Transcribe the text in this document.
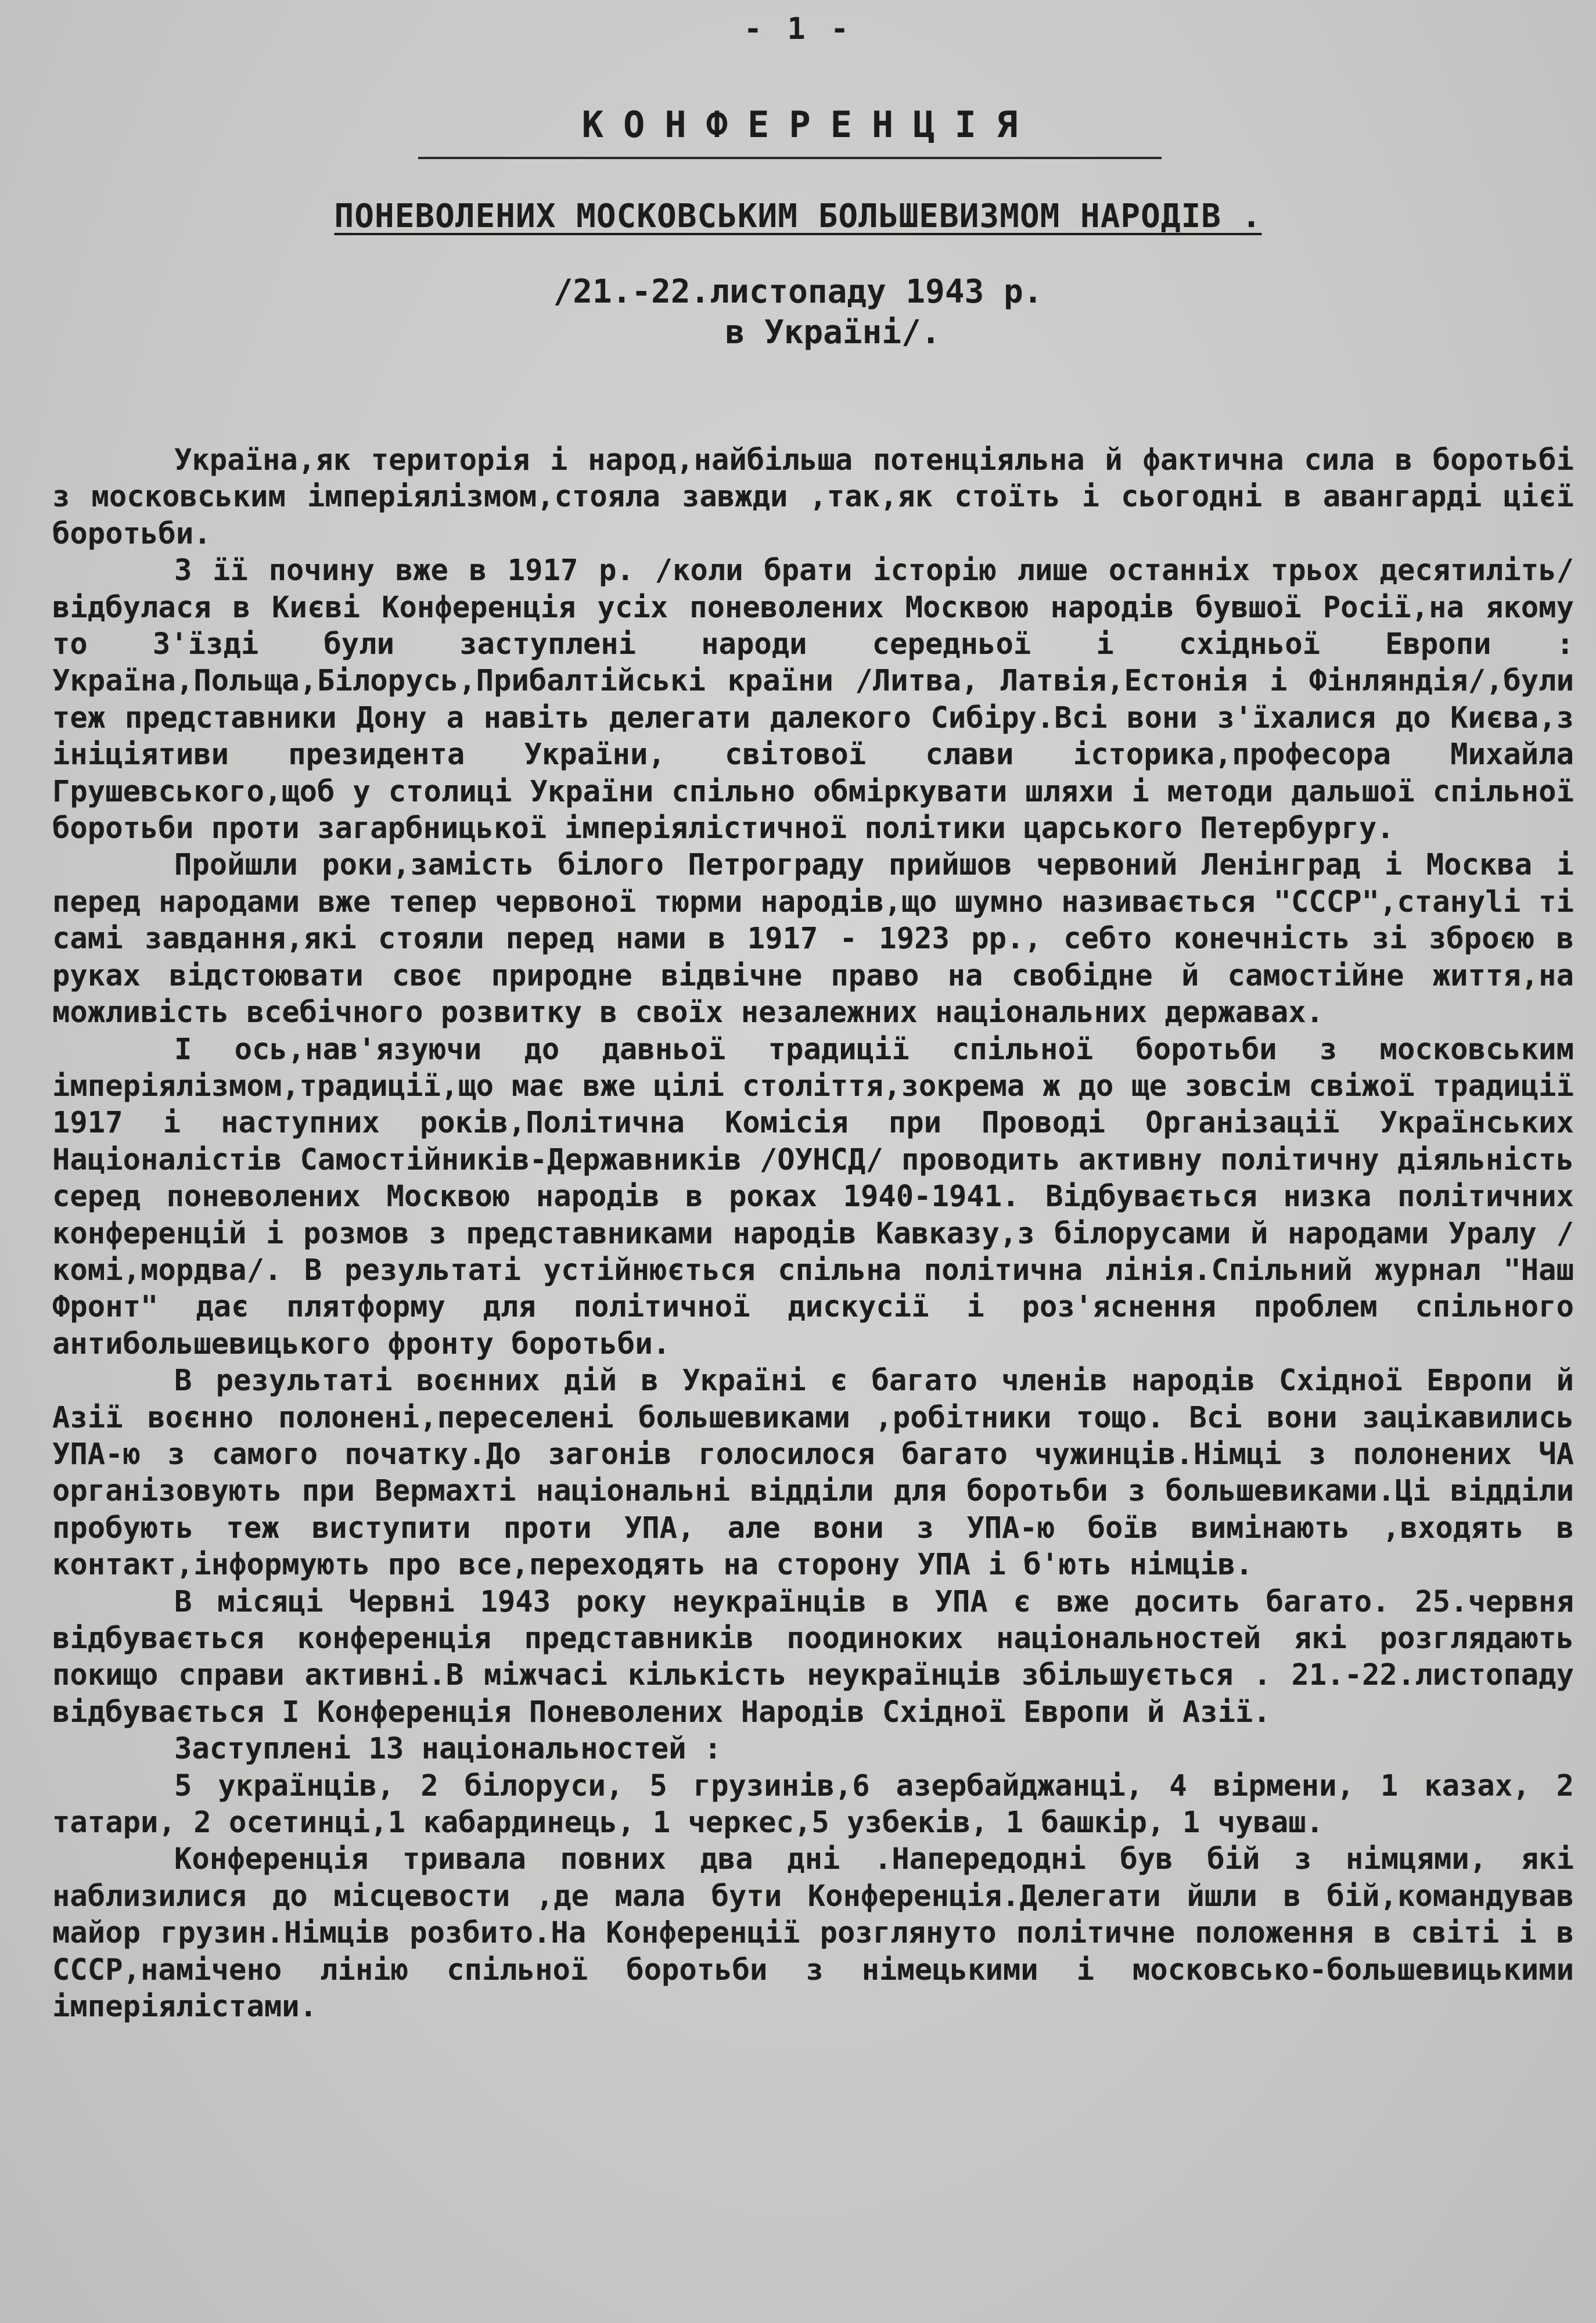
- 1 -
КОНФЕРЕНЦІЯ
ПОНЕВОЛЕНИХ МОСКОВСЬКИМ БОЛЬШЕВИЗМОМ НАРОДІВ .
/21.-22.листопаду 1943 р.
в Україні/.

Україна,як територія і народ,найбільша потенціяльна й фактична сила в боротьбі з московським імперіялізмом,стояла завжди ,так,як стоїть і сьогодні в авангарді цієї боротьби.

З її почину вже в 1917 р. /коли брати історію лише останніх трьох десятиліть/ відбулася в Києві Конференція усіх поневолених Москвою народів бувшої Росії,на якому то З'їзді були заступлені народи середньої і східньої Европи : Україна,Польща,Білорусь,Прибалтійські країни /Литва, Латвія,Естонія і Фінляндія/,були теж представники Дону а навіть делегати далекого Сибіру.Всі вони з'їхалися до Києва,з ініціятиви президента України, світової слави історика,професора Михайла Грушевського,щоб у столиці України спільно обміркувати шляхи і методи дальшої спільної боротьби проти загарбницької імперіялістичної політики царського Петербургу.

Пройшли роки,замість білого Петрограду прийшов червоний Ленінград і Москва і перед народами вже тепер червоної тюрми народів,що шумно називається "СССР",стануli ті самі завдання,які стояли перед нами в 1917 - 1923 рр., себто конечність зі зброєю в руках відстоювати своє природне відвічне право на свобідне й самостійне життя,на можливість всебічного розвитку в своїх незалежних національних державах.

І ось,нав'язуючи до давньої традиції спільної боротьби з московським імперіялізмом,традиції,що має вже цілі століття,зокрема ж до ще зовсім свіжої традиції 1917 і наступних років,Політична Комісія при Проводі Організації Українських Націоналістів Самостійників-Державників /ОУНСД/ проводить активну політичну діяльність серед поневолених Москвою народів в роках 1940-1941. Відбувається низка політичних конференцій і розмов з представниками народів Кавказу,з білорусами й народами Уралу /комі,мордва/. В результаті устійнюється спільна політична лінія.Спільний журнал "Наш Фронт" дає плятформу для політичної дискусії і роз'яснення проблем спільного антибольшевицького фронту боротьби.

В результаті воєнних дій в Україні є багато членів народів Східної Европи й Азії воєнно полонені,переселені большевиками ,робітники тощо. Всі вони зацікавились УПА-ю з самого початку.До загонів голосилося багато чужинців.Німці з полонених ЧА організовують при Вермахті національні відділи для боротьби з большевиками.Ці відділи пробують теж виступити проти УПА, але вони з УПА-ю боїв вимінають ,входять в контакт,інформують про все,переходять на сторону УПА і б'ють німців.

В місяці Червні 1943 року неукраїнців в УПА є вже досить багато. 25.червня відбувається конференція представників поодиноких національностей які розглядають покищо справи активні.В міжчасі кількість неукраїнців збільшується . 21.-22.листопаду відбувається І Конференція Поневолених Народів Східної Европи й Азії.

Заступлені 13 національностей :

5 українців, 2 білоруси, 5 грузинів,6 азербайджанці, 4 вірмени, 1 казах, 2 татари, 2 осетинці,1 кабардинець, 1 черкес,5 узбеків, 1 башкір, 1 чуваш.

Конференція тривала повних два дні .Напередодні був бій з німцями, які наблизилися до місцевости ,де мала бути Конференція.Делегати йшли в бій,командував майор грузин.Німців розбито.На Конференції розглянуто політичне положення в світі і в СССР,намічено лінію спільної боротьби з німецькими і московсько-большевицькими імперіялістами.
